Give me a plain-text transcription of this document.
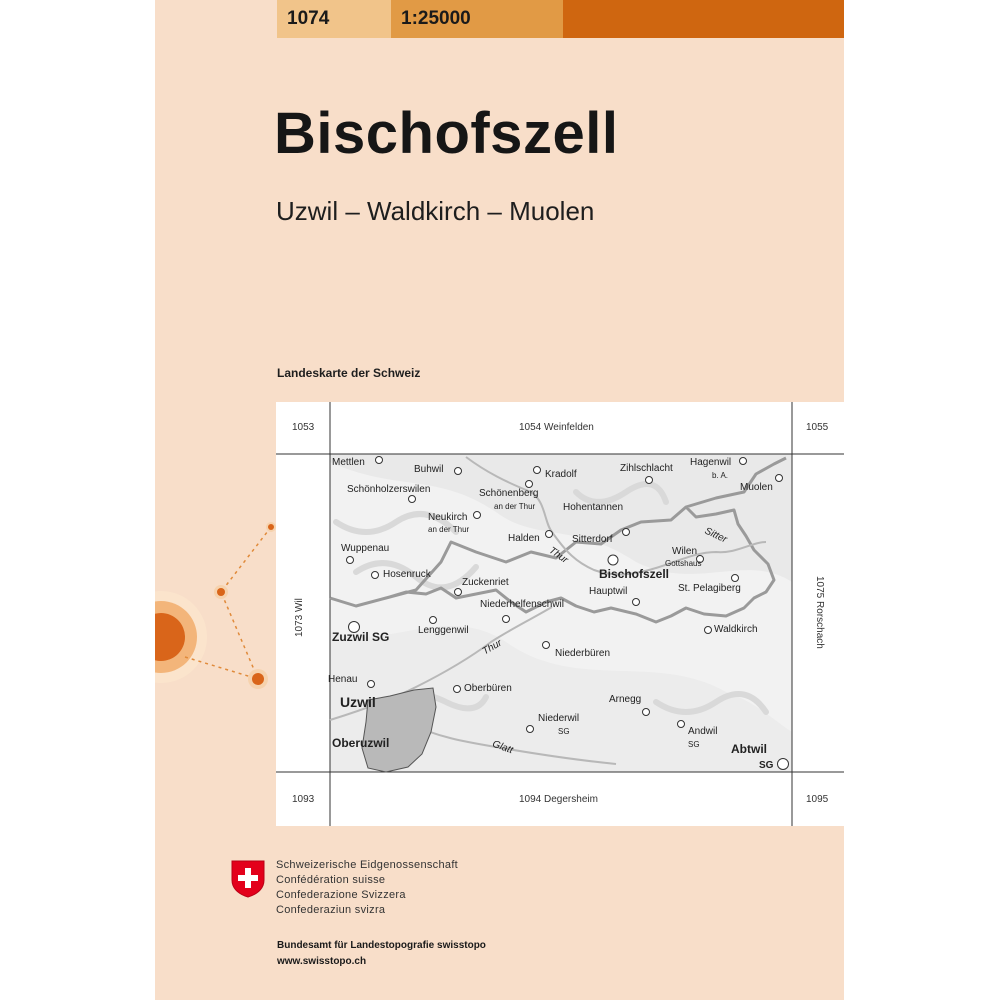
1074	1:25000
Bischofszell
Uzwil – Waldkirch – Muolen
Landeskarte der Schweiz
1053	1054 Weinfelden	1055
1073 Wil	1075 Rorschach
1093	1094 Degersheim	1095
Mettlen
Buhwil	Kradolf
Zihlschlacht
Hagenwil
b. A.
Muolen
Schönholzerswilen	Schönenberg
an der Thur	Hohentannen
Neukirch
an der Thur
Halden	Sitterdorf
Wilen
Gottshaus
Wuppenau
Hosenruck
Zuckenriet
Bischofszell
Hauptwil	St. Pelagiberg
Niederhelfenschwil
Zuzwil SG	Lenggenwil	Waldkirch
Niederbüren
Henau
Oberbüren
Arnegg
Uzwil
Niederwil
SG	Andwil
SG
Oberuzwil	Abtwil
SG
Thur
Thur
Sitter
Glatt
Schweizerische Eidgenossenschaft
Confédération suisse
Confederazione Svizzera
Confederaziun svizra
Bundesamt für Landestopografie swisstopo
www.swisstopo.ch
